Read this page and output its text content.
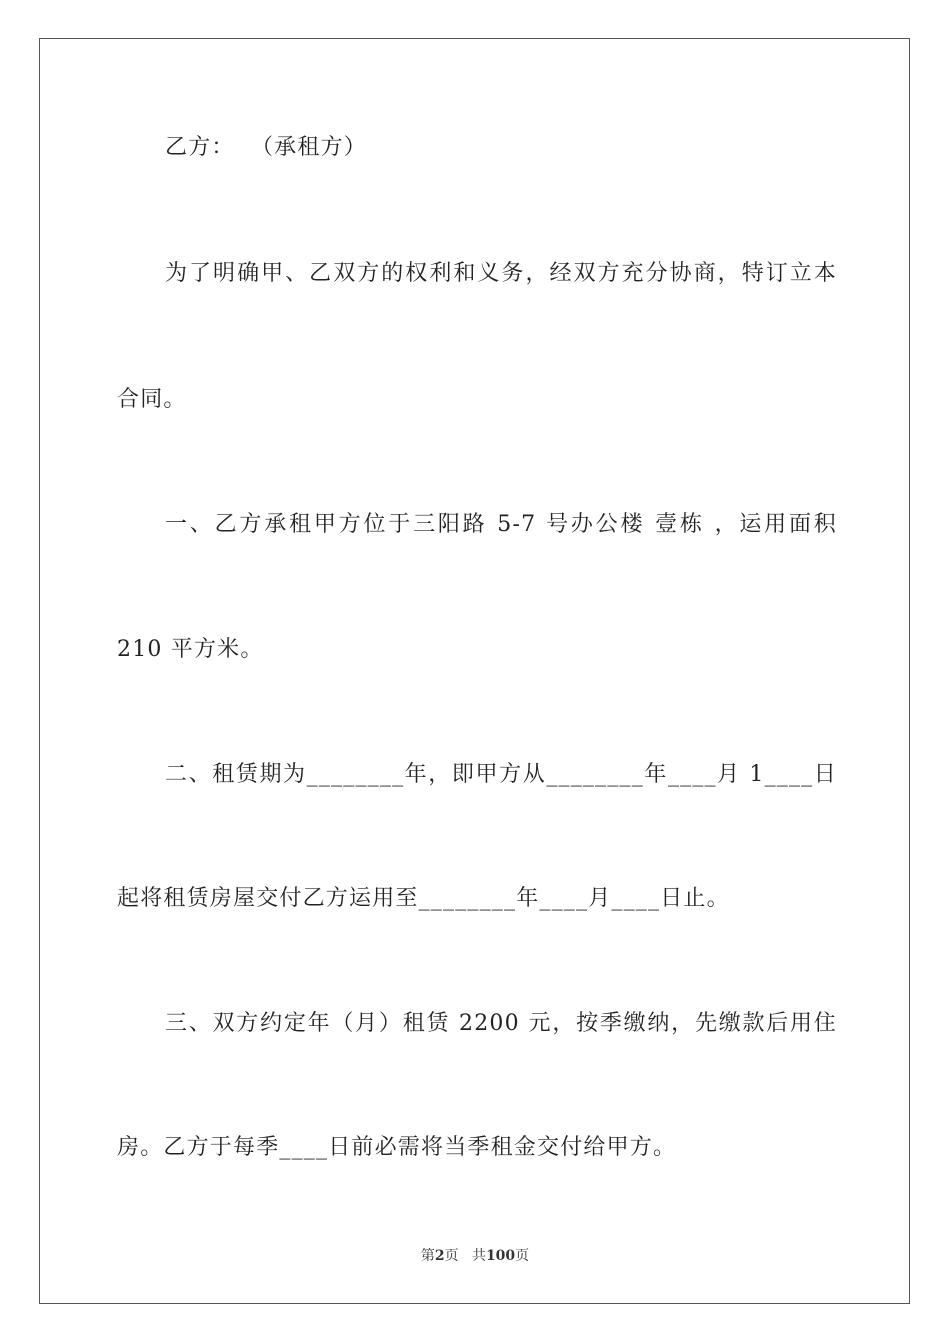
乙方：  （承租方）
为了明确甲、乙双方的权利和义务，经双方充分协商，特订立本
合同。
一、乙方承租甲方位于三阳路 5-7 号办公楼 壹栋 ，运用面积
210 平方米。
二、租赁期为________年，即甲方从________年____月 1____日
起将租赁房屋交付乙方运用至________年____月____日止。
三、双方约定年（月）租赁 2200 元，按季缴纳，先缴款后用住
房。乙方于每季____日前必需将当季租金交付给甲方。
第2页 共100页
